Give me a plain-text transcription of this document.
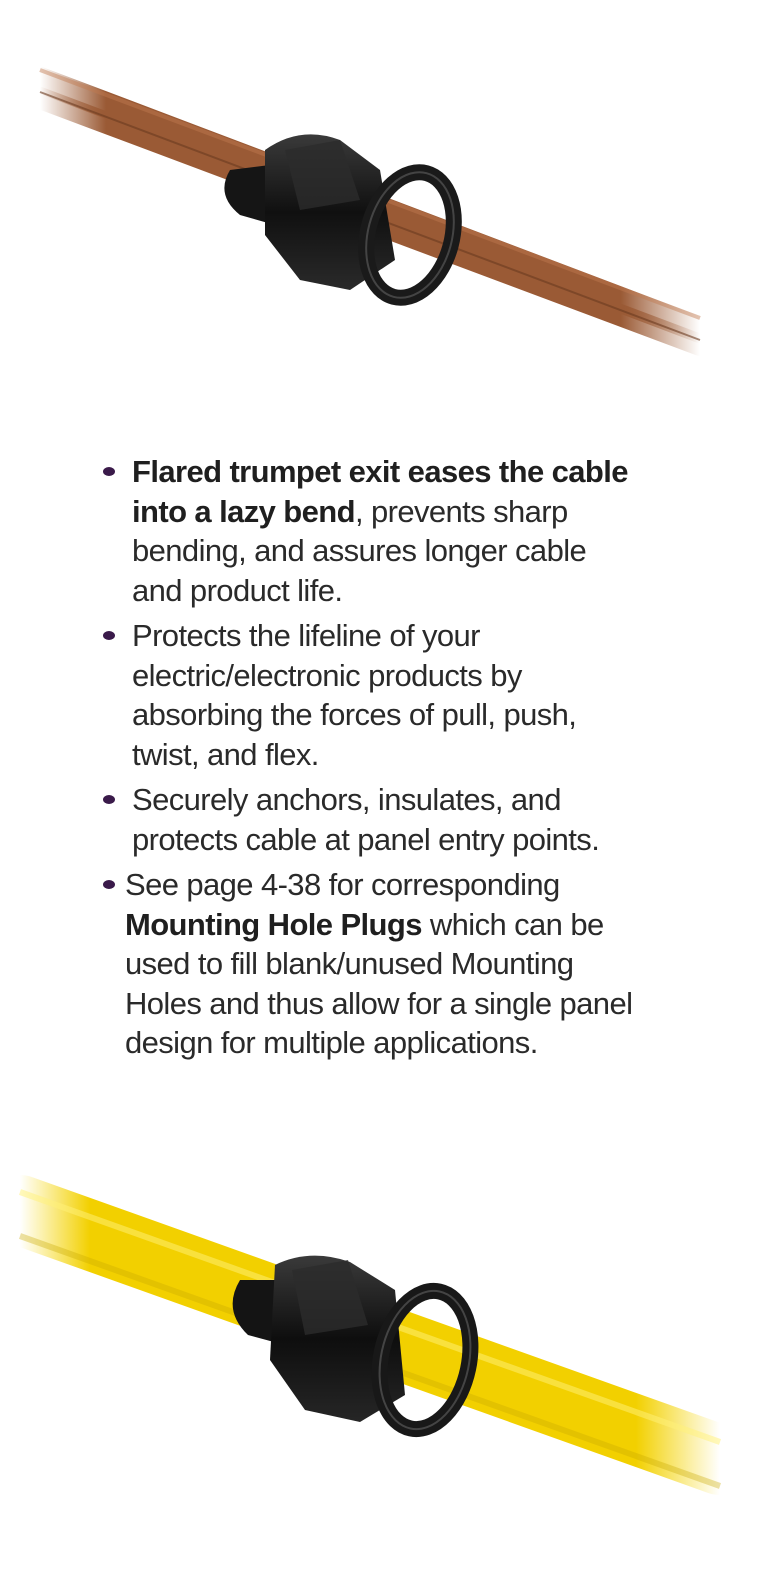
Flared trumpet exit eases the cable
into a lazy bend, prevents sharp
bending, and assures longer cable
and product life.
Protects the lifeline of your
electric/electronic products by
absorbing the forces of pull, push,
twist, and flex.
Securely anchors, insulates, and
protects cable at panel entry points.
See page 4-38 for corresponding
Mounting Hole Plugs which can be
used to fill blank/unused Mounting
Holes and thus allow for a single panel
design for multiple applications.
